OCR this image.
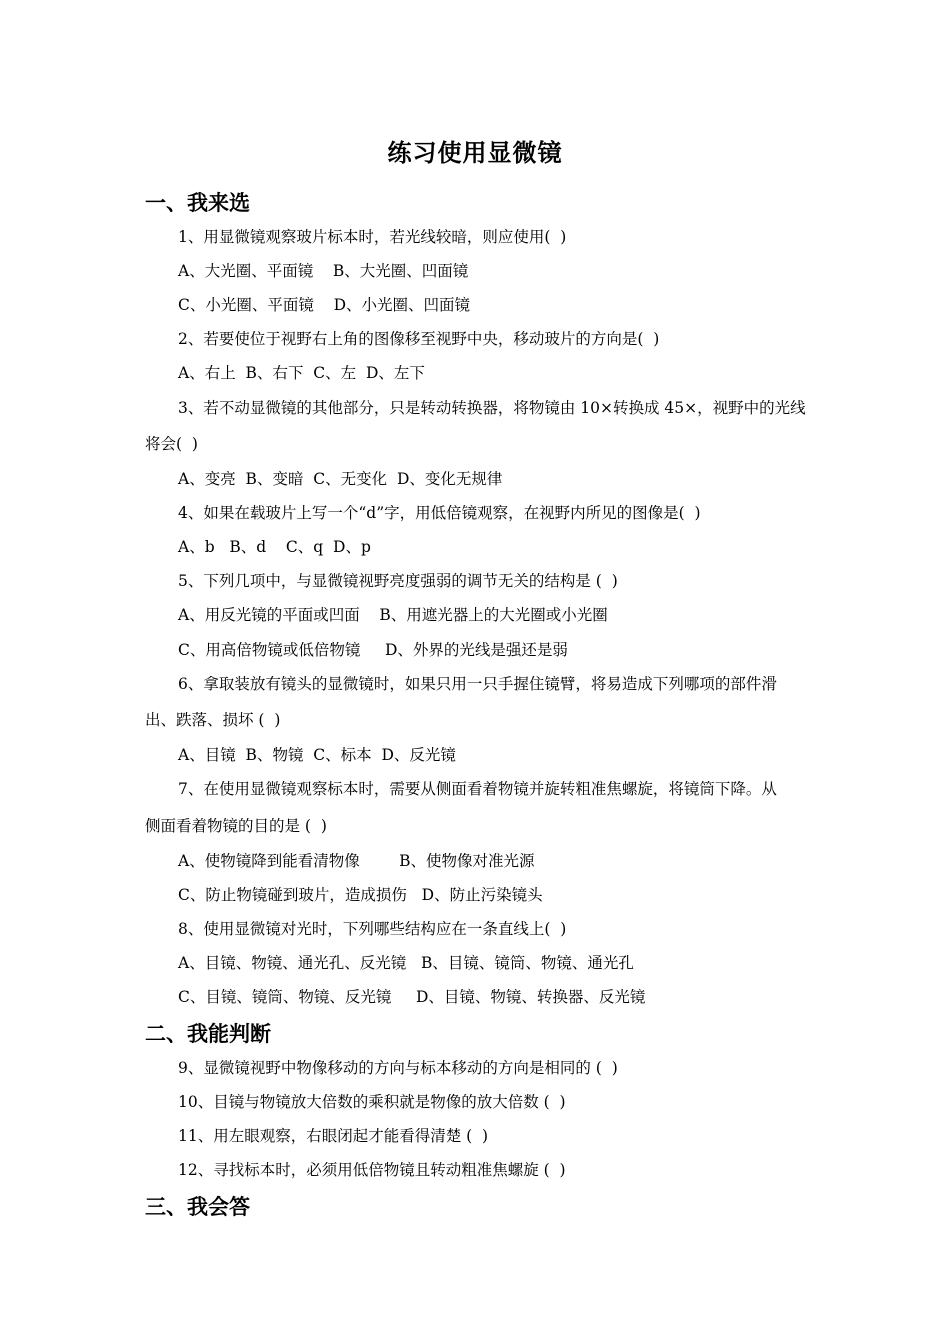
练习使用显微镜
一、我来选
1、用显微镜观察玻片标本时，若光线较暗，则应使用(  )
A、大光圈、平面镜    B、大光圈、凹面镜
C、小光圈、平面镜    D、小光圈、凹面镜
2、若要使位于视野右上角的图像移至视野中央，移动玻片的方向是(  )
A、右上  B、右下  C、左  D、左下
3、若不动显微镜的其他部分，只是转动转换器，将物镜由 10×转换成 45×，视野中的光线
将会(  )
A、变亮  B、变暗  C、无变化  D、变化无规律
4、如果在载玻片上写一个“d”字，用低倍镜观察，在视野内所见的图像是(  )
A、b   B、d    C、q  D、p
5、下列几项中，与显微镜视野亮度强弱的调节无关的结构是 (  )
A、用反光镜的平面或凹面    B、用遮光器上的大光圈或小光圈
C、用高倍物镜或低倍物镜     D、外界的光线是强还是弱
6、拿取装放有镜头的显微镜时，如果只用一只手握住镜臂，将易造成下列哪项的部件滑
出、跌落、损坏 (  )
A、目镜  B、物镜  C、标本  D、反光镜
7、在使用显微镜观察标本时，需要从侧面看着物镜并旋转粗准焦螺旋，将镜筒下降。从
侧面看着物镜的目的是 (  )
A、使物镜降到能看清物像        B、使物像对准光源
C、防止物镜碰到玻片，造成损伤   D、防止污染镜头
8、使用显微镜对光时，下列哪些结构应在一条直线上(  )
A、目镜、物镜、通光孔、反光镜   B、目镜、镜筒、物镜、通光孔
C、目镜、镜筒、物镜、反光镜     D、目镜、物镜、转换器、反光镜
二、我能判断
9、显微镜视野中物像移动的方向与标本移动的方向是相同的 (  )
10、目镜与物镜放大倍数的乘积就是物像的放大倍数 (  )
11、用左眼观察，右眼闭起才能看得清楚 (  )
12、寻找标本时，必须用低倍物镜且转动粗准焦螺旋 (  )
三、我会答
